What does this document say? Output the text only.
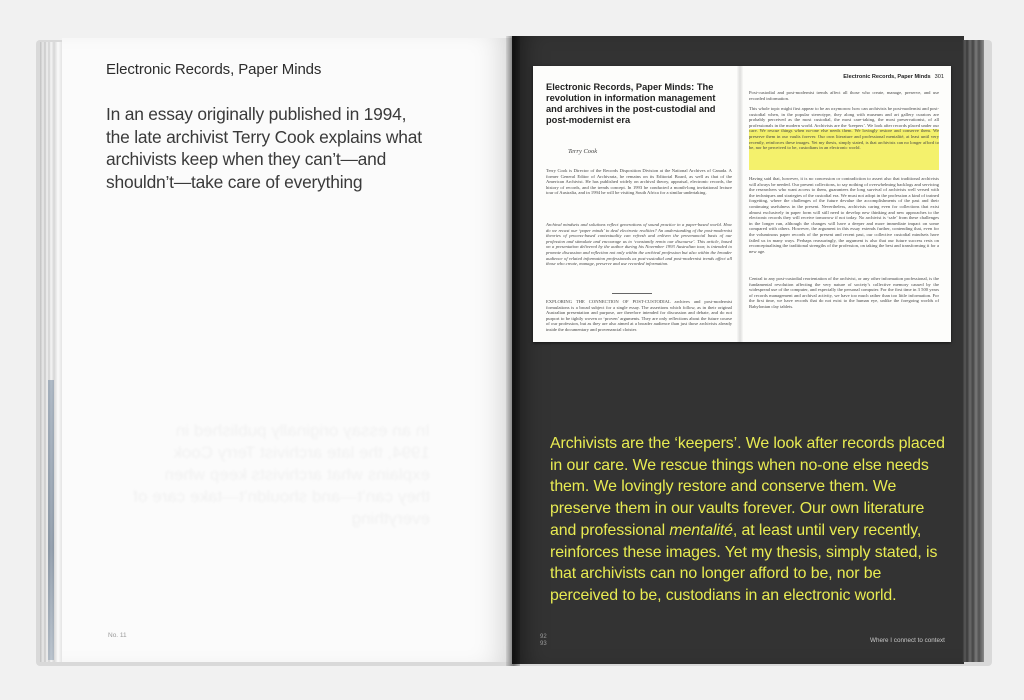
Electronic Records, Paper Minds
In an essay originally published in 1994, the late archivist Terry Cook explains what archivists keep when they can’t—and shouldn’t—take care of everything
No. 11
Electronic Records, Paper Minds: The revolution in information management and archives in the post-custodial and post-modernist era
Terry Cook
Terry Cook is Director of the Records Disposition Division at the National Archives of Canada. A former General Editor of Archivaria, he remains on its Editorial Board, as well as that of the American Archivist. He has published widely on archival theory, appraisal, electronic records, the history of records, and the trends concept. In 1993 he conducted a month-long invitational lecture tour of Australia, and in 1994 he will be visiting South Africa for a similar undertaking.
Archival mindsets and solutions reflect generations of sound practice in a paper-based world. How do we recast our ‘paper minds’ to deal electronic realities? An understanding of the post-modernist theories of process-based contextuality can refresh and enliven the provenancial basis of our profession and stimulate and encourage us to ‘constantly remix our discourse’. This article, based on a presentation delivered by the author during his November 1993 Australian tour, is intended to promote discussion and reflection not only within the archival profession but also within the broader audience of related information professionals as post-custodial and post-modernist trends affect all those who create, manage, preserve and use recorded information.
EXPLORING THE CONNECTION OF POST-CUSTODIAL archives and post-modernist formulations is a broad subject for a single essay. The assertions which follow, as in their original Australian presentation and purpose, are therefore intended for discussion and debate, and do not purport to be tightly woven or ‘proven’ arguments. They are only reflections about the future course of our profession, but as they are also aimed at a broader audience than just those archivists already inside the documentary and provenancial cloister.
Electronic Records, Paper Minds 301
Post-custodial and post-modernist trends affect all those who create, manage, preserve, and use recorded information.
This whole topic might first appear to be an oxymoron: how can archivists be post-modernist and post-custodial when, in the popular stereotype, they along with museum and art gallery curators are probably perceived as the most custodial, the most care-taking, the most preservationist, of all professionals in the modern world. Archivists are the ‘keepers’. We look after records placed under our care. We rescue things when no-one else needs them. We lovingly restore and conserve them. We preserve them in our vaults forever. Our own literature and professional mentalité, at least until very recently, reinforces these images. Yet my thesis, simply stated, is that archivists can no longer afford to be, nor be perceived to be, custodians in an electronic world.
Having said that, however, it is no concession or contradiction to assert also that traditional archivists will always be needed. Our present collections, to say nothing of overwhelming backlogs and servicing the researchers who want access to them, guarantees the long survival of archivists well versed with the techniques and strategies of the custodial era. We must not adopt in the profession a kind of trained forgetting, where the challenges of the future devalue the accomplishments of the past and their continuing usefulness in the present. Nevertheless, archivists caring even for collections that exist almost exclusively in paper form will still need to develop new thinking and new approaches to the electronic records they will receive tomorrow if not today. No archivist is ‘safe’ from these challenges in the longer run, although the changes will have a deeper and more immediate impact on some compared with others. However, the argument in this essay extends further, contending that, even for the voluminous paper records of the present and recent past, our collective custodial mindsets have failed us in many ways. Perhaps reassuringly, the argument is also that our future success rests on reconceptualising the traditional strengths of the profession, on taking the best and transforming it for a new age.
Central to any post-custodial reorientation of the archivist, or any other information professional, is the fundamental revolution affecting the very nature of society’s collective memory caused by the widespread use of the computer, and especially the personal computer. For the first time in 3 500 years of records management and archival activity, we have too much rather than too little information. For the first time, we have records that do not exist to the human eye, unlike the foregoing worlds of Babylonian clay tablets.
Archivists are the ‘keepers’. We look after records placed in our care. We rescue things when no-one else needs them. We lovingly restore and conserve them. We preserve them in our vaults forever. Our own literature and professional mentalité, at least until very recently, reinforces these images. Yet my thesis, simply stated, is that archivists can no longer afford to be, nor be perceived to be, custodians in an electronic world.
92
93	Where I connect to context
